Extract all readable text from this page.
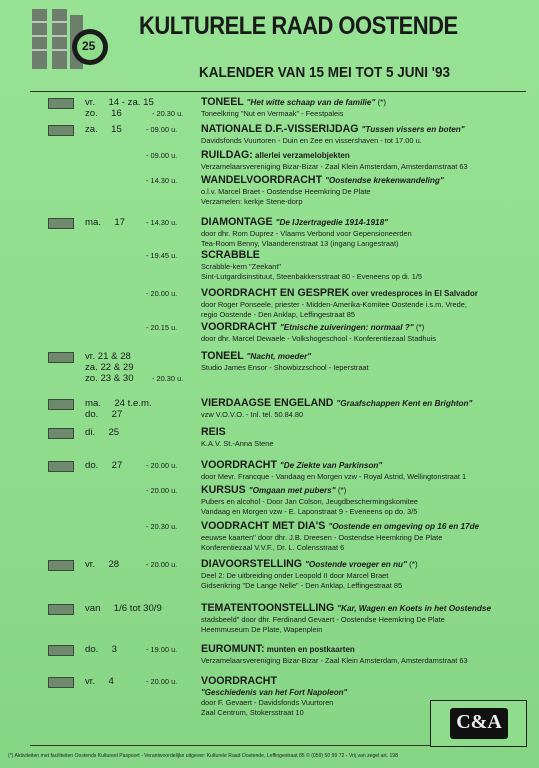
25
KULTURELE RAAD OOSTENDE
KALENDER VAN 15 MEI TOT 5 JUNI '93
vr.     14 - za. 15
zo.     16	- 20.30 u.
TONEEL "Het witte schaap van de familie" (*)
Toneelkring "Nut en Vermaak" - Feestpaleis
za.     15	- 09.00 u. NATIONALE D.F.-VISSERIJDAG "Tussen vissers en boten"
Davidsfonds Vuurtoren - Duin en Zee en vissershaven - tot 17.00 u.
- 09.00 u. RUILDAG: allerlei verzamelobjekten
Verzamelaarsvereniging Bizar-Bizar - Zaal Klein Amsterdam, Amsterdamstraat 63
- 14.30 u. WANDELVOORDRACHT "Oostendse krekenwandeling"
o.l.v. Marcel Braet - Oostendse Heemkring De Plate
Verzamelen: kerkje Stene-dorp
ma.     17	- 14.30 u. DIAMONTAGE "De IJzertragedie 1914-1918"
door dhr. Rom Duprez - Vlaams Verbond voor Gepensioneerden
Tea-Room Benny, Vlaanderenstraat 13 (ingang Langestraat)
- 19.45 u. SCRABBLE
Scrabble-kern "Zeekant"
Sint-Lutgardisinstituut, Steenbakkersstraat 80 - Eveneens op di. 1/5
- 20.00 u. VOORDRACHT EN GESPREK over vredesproces in El Salvador
door Roger Ponseele, priester - Midden-Amerika-Komitee Oostende i.s.m. Vrede,
regio Oostende - Den Anklap, Leffingestraat 85
- 20.15 u. VOORDRACHT "Etnische zuiveringen: normaal ?" (*)
door dhr. Marcel Dewaele - Volkshogeschool - Konferentiezaal Stadhuis
vr. 21 & 28
za. 22 & 29
zo. 23 & 30 - 20.30 u.
TONEEL "Nacht, moeder"
Studio James Ensor - Showbizzschool - Ieperstraat
ma.     24 t.e.m.
do.     27
VIERDAAGSE ENGELAND "Graafschappen Kent en Brighton"
vzw V.O.V.O. - Inl. tel. 50.84.80
di.     25	REIS
K.A.V. St.-Anna Stene
do.     27	- 20.00 u. VOORDRACHT "De Ziekte van Parkinson"
door Mevr. Francque - Vandaag en Morgen vzw - Royal Astrid, Wellingtonstraat 1
- 20.00 u. KURSUS "Omgaan met pubers" (*)
Pubers en alcohol - Door Jan Colson, Jeugdbeschermingskomitee
Vandaag en Morgen vzw - E. Laponstraat 9 - Eveneens op do. 3/5
- 20.30 u. VOODRACHT MET DIA'S "Oostende en omgeving op 16 en 17de
eeuwse kaarten" door dhr. J.B. Dreesen - Oostendse Heemkring De Plate
Konferentiezaal V.V.F., Dr. L. Colensstraat 6
vr.     28	- 20.00 u. DIAVOORSTELLING "Oostende vroeger en nu" (*)
Deel 2: De uitbreiding onder Leopold II door Marcel Braet
Gidsenkring "De Lange Nelle" - Den Anklap, Leffingestraat 85
van     1/6 tot 30/9	TEMATENTOONSTELLING "Kar, Wagen en Koets in het Oostendse
stadsbeeld" door dhr. Ferdinand Gevaert - Oostendse Heemkring De Plate
Heemmuseum De Plate, Wapenplein
do.     3	- 19.00 u. EUROMUNT: munten en postkaarten
Verzamelaarsvereniging Bizar-Bizar - Zaal Klein Amsterdam, Amsterdamstraat 63
vr.     4	- 20.00 u. VOORDRACHT
"Geschiedenis van het Fort Napoleon"
door F. Gevaert - Davidsfonds Vuurtoren
Zaal Centrum, Stokersstraat 10	C&A
(*) Aktiviteiten met faciliteiten Oostends Kultureel Paspoort - Verantwoordelijke uitgever: Kulturele Raad Oostende, Leffingestraat 85 © (059) 50 99 72 - Vrij van zegel art. 198
